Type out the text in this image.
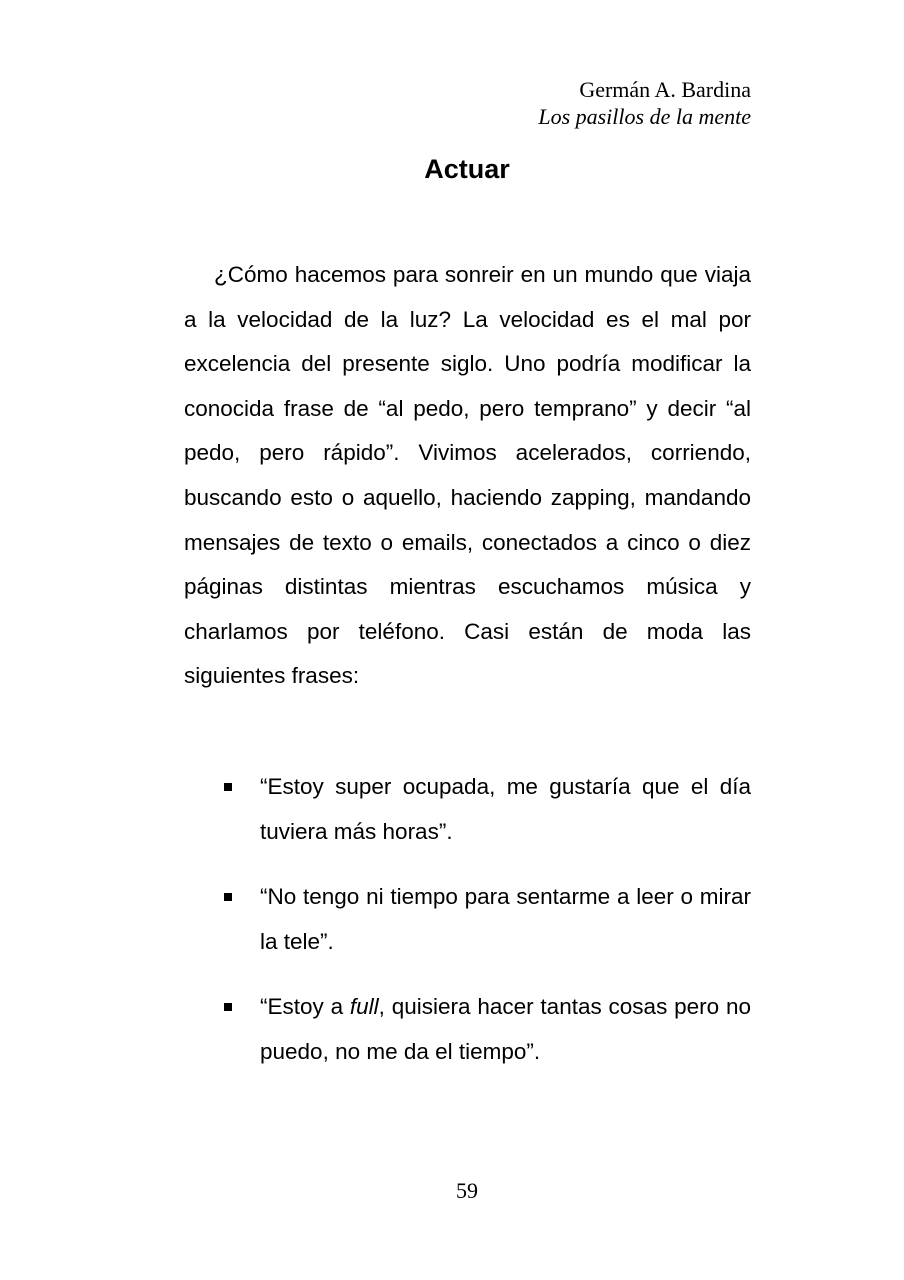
Germán A. Bardina
Los pasillos de la mente
Actuar

¿Cómo hacemos para sonreir en un mundo que viaja a la velocidad de la luz? La velocidad es el mal por excelencia del presente siglo. Uno podría modificar la conocida frase de “al pedo, pero temprano” y decir “al pedo, pero rápido”. Vivimos acelerados, corriendo, buscando esto o aquello, haciendo zapping, mandando mensajes de texto o emails, conectados a cinco o diez páginas distintas mientras escuchamos música y charlamos por teléfono. Casi están de moda las siguientes frases:

“Estoy super ocupada, me gustaría que el día tuviera más horas”.
“No tengo ni tiempo para sentarme a leer o mirar la tele”.
“Estoy a full, quisiera hacer tantas cosas pero no puedo, no me da el tiempo”.
59
